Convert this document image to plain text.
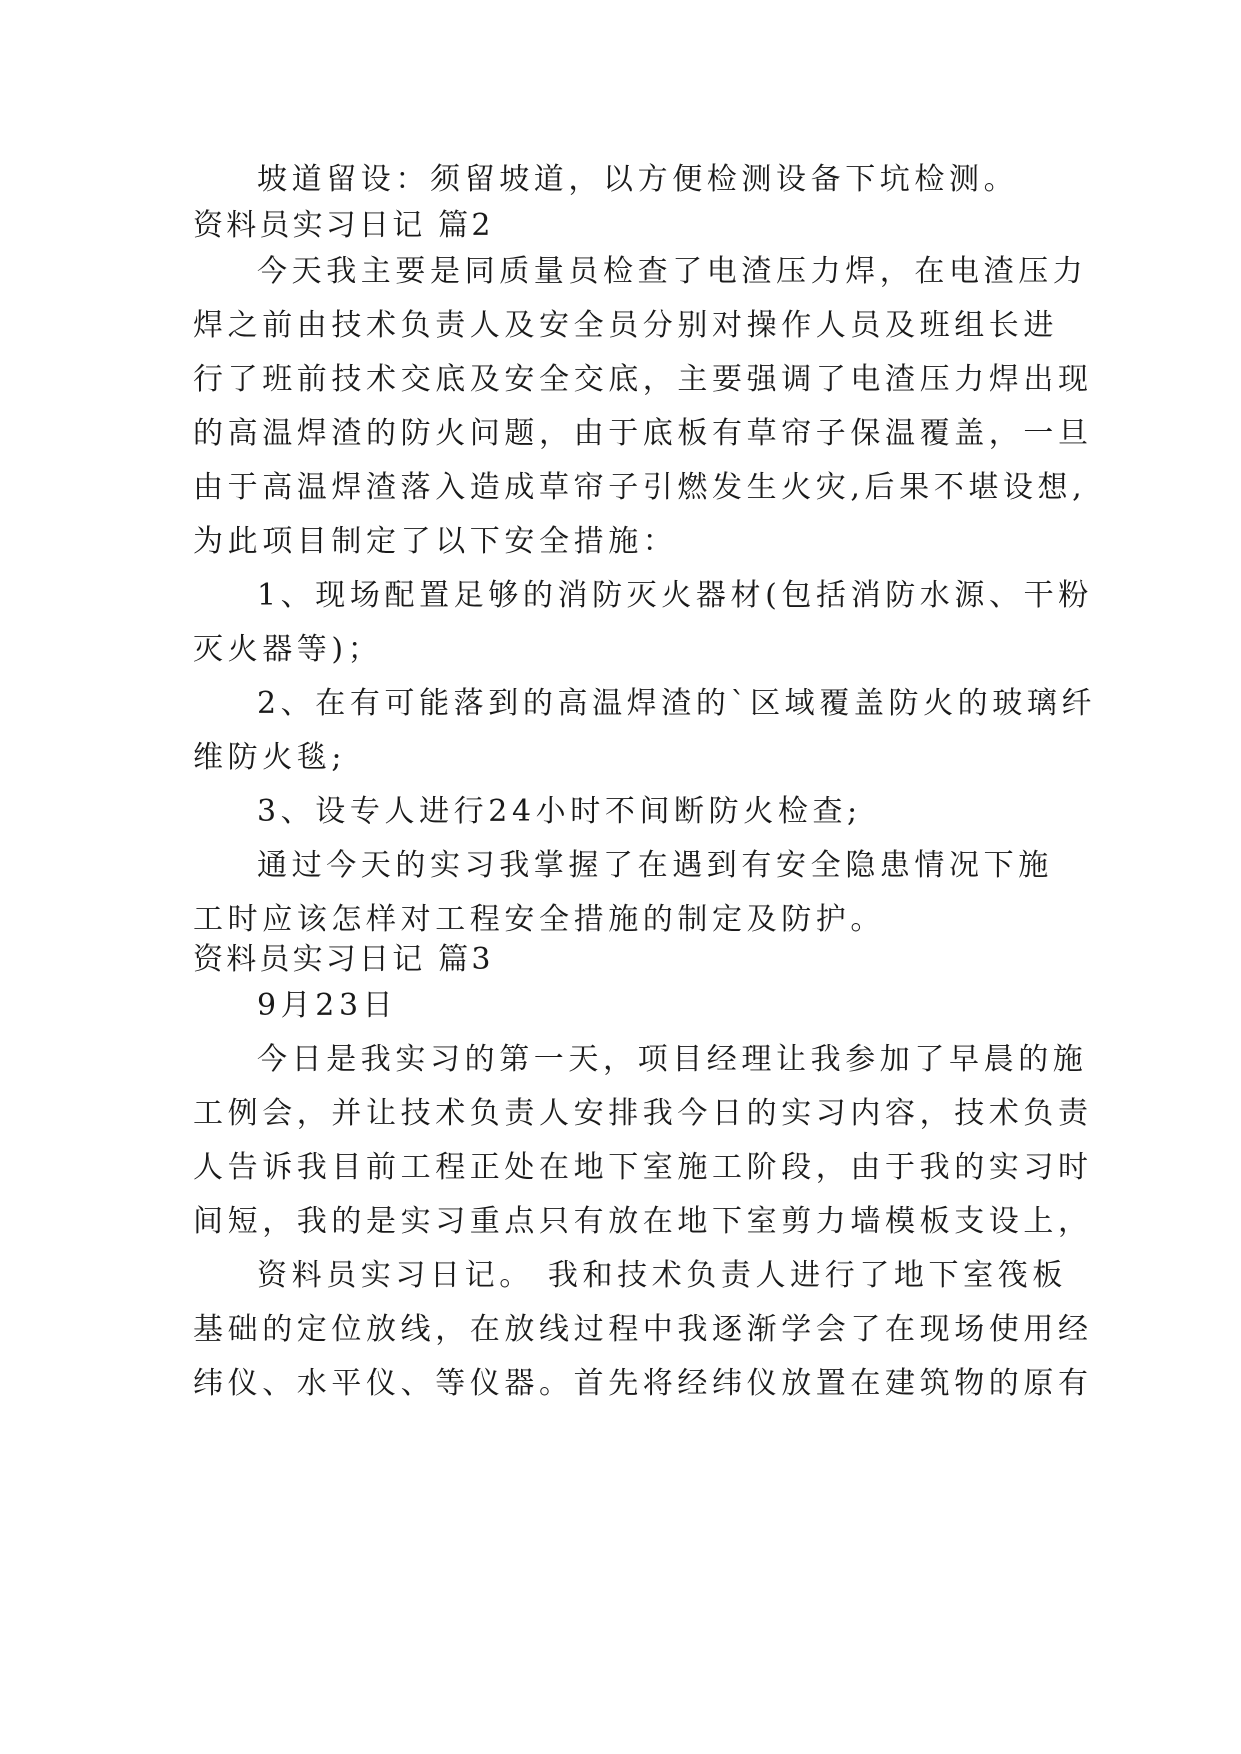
坡道留设：须留坡道，以方便检测设备下坑检测。
资料员实习日记 篇2
今天我主要是同质量员检查了电渣压力焊，在电渣压力
焊之前由技术负责人及安全员分别对操作人员及班组长进
行了班前技术交底及安全交底，主要强调了电渣压力焊出现
的高温焊渣的防火问题，由于底板有草帘子保温覆盖，一旦
由于高温焊渣落入造成草帘子引燃发生火灾,后果不堪设想,
为此项目制定了以下安全措施：
1、现场配置足够的消防灭火器材(包括消防水源、干粉
灭火器等)；
2、在有可能落到的高温焊渣的`区域覆盖防火的玻璃纤
维防火毯;
3、设专人进行24小时不间断防火检查;
通过今天的实习我掌握了在遇到有安全隐患情况下施
工时应该怎样对工程安全措施的制定及防护。
资料员实习日记 篇3
9月23日
今日是我实习的第一天，项目经理让我参加了早晨的施
工例会，并让技术负责人安排我今日的实习内容，技术负责
人告诉我目前工程正处在地下室施工阶段，由于我的实习时
间短，我的是实习重点只有放在地下室剪力墙模板支设上，
资料员实习日记。 我和技术负责人进行了地下室筏板
基础的定位放线，在放线过程中我逐渐学会了在现场使用经
纬仪、水平仪、等仪器。首先将经纬仪放置在建筑物的原有
